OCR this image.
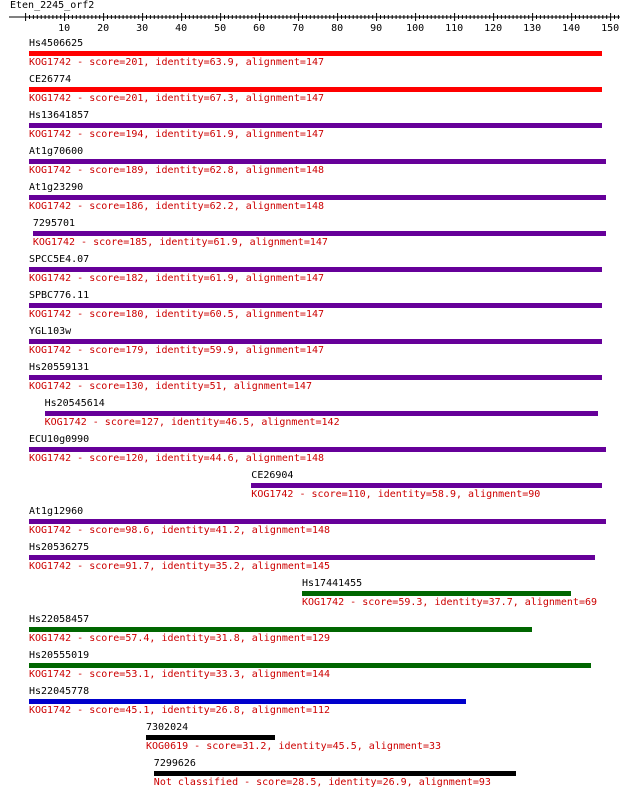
Eten_2245_orf2
10	20	30	40	50	60	70	80	90 100 110 120 130 140 150
Hs4506625
KOG1742 - score=201, identity=63.9, alignment=147
CE26774
KOG1742 - score=201, identity=67.3, alignment=147
Hs13641857
KOG1742 - score=194, identity=61.9, alignment=147
At1g70600
KOG1742 - score=189, identity=62.8, alignment=148
At1g23290
KOG1742 - score=186, identity=62.2, alignment=148
7295701
KOG1742 - score=185, identity=61.9, alignment=147
SPCC5E4.07
KOG1742 - score=182, identity=61.9, alignment=147
SPBC776.11
KOG1742 - score=180, identity=60.5, alignment=147
YGL103w
KOG1742 - score=179, identity=59.9, alignment=147
Hs20559131
KOG1742 - score=130, identity=51, alignment=147
Hs20545614
KOG1742 - score=127, identity=46.5, alignment=142
ECU10g0990
KOG1742 - score=120, identity=44.6, alignment=148
CE26904
KOG1742 - score=110, identity=58.9, alignment=90
At1g12960
KOG1742 - score=98.6, identity=41.2, alignment=148
Hs20536275
KOG1742 - score=91.7, identity=35.2, alignment=145
Hs17441455
KOG1742 - score=59.3, identity=37.7, alignment=69
Hs22058457
KOG1742 - score=57.4, identity=31.8, alignment=129
Hs20555019
KOG1742 - score=53.1, identity=33.3, alignment=144
Hs22045778
KOG1742 - score=45.1, identity=26.8, alignment=112
7302024
KOG0619 - score=31.2, identity=45.5, alignment=33
7299626
Not classified - score=28.5, identity=26.9, alignment=93
